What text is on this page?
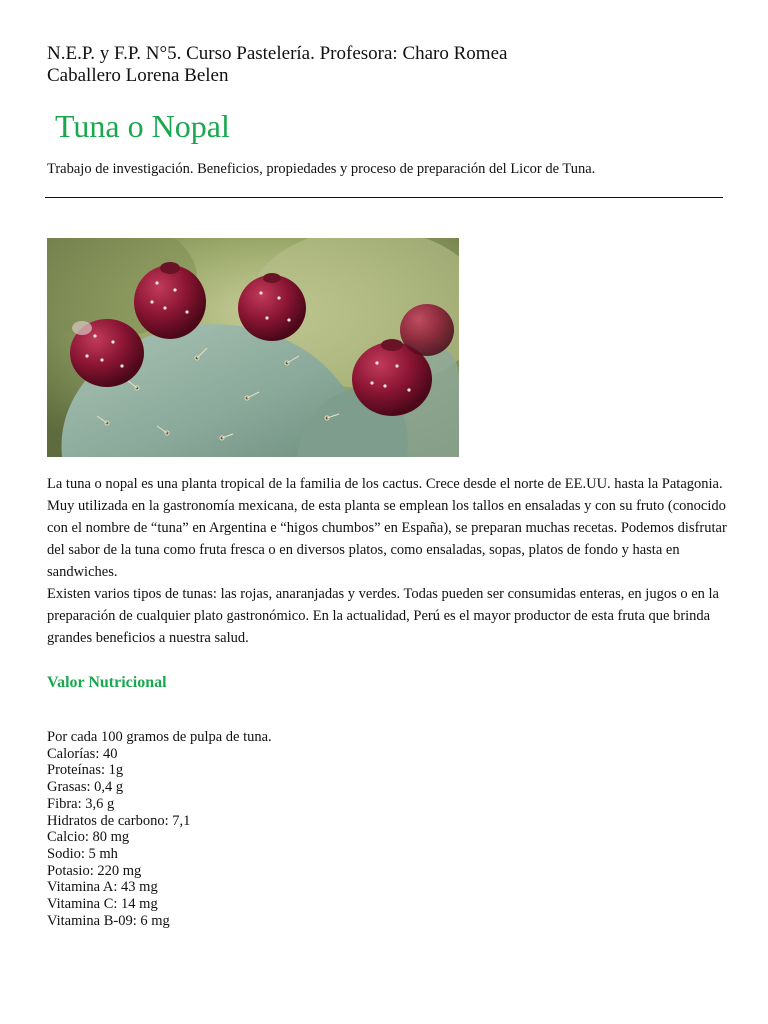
N.E.P. y F.P. N°5. Curso Pastelería. Profesora: Charo Romea
Caballero Lorena Belen
Tuna o Nopal
Trabajo de investigación. Beneficios, propiedades y proceso de preparación del Licor de Tuna.

La tuna o nopal es una planta tropical de la familia de los cactus. Crece desde el norte de EE.UU. hasta la Patagonia. Muy utilizada en la gastronomía mexicana, de esta planta se emplean los tallos en ensaladas y con su fruto (conocido con el nombre de “tuna” en Argentina e “higos chumbos” en España), se preparan muchas recetas. Podemos disfrutar del sabor de la tuna como fruta fresca o en diversos platos, como ensaladas, sopas, platos de fondo y hasta en sandwiches.

Existen varios tipos de tunas: las rojas, anaranjadas y verdes. Todas pueden ser consumidas enteras, en jugos o en la preparación de cualquier plato gastronómico. En la actualidad, Perú es el mayor productor de esta fruta que brinda grandes beneficios a nuestra salud.

Valor Nutricional
Por cada 100 gramos de pulpa de tuna.
Calorías: 40
Proteínas: 1g
Grasas: 0,4 g
Fibra: 3,6 g
Hidratos de carbono: 7,1
Calcio: 80 mg
Sodio: 5 mh
Potasio: 220 mg
Vitamina A: 43 mg
Vitamina C: 14 mg
Vitamina B-09: 6 mg
